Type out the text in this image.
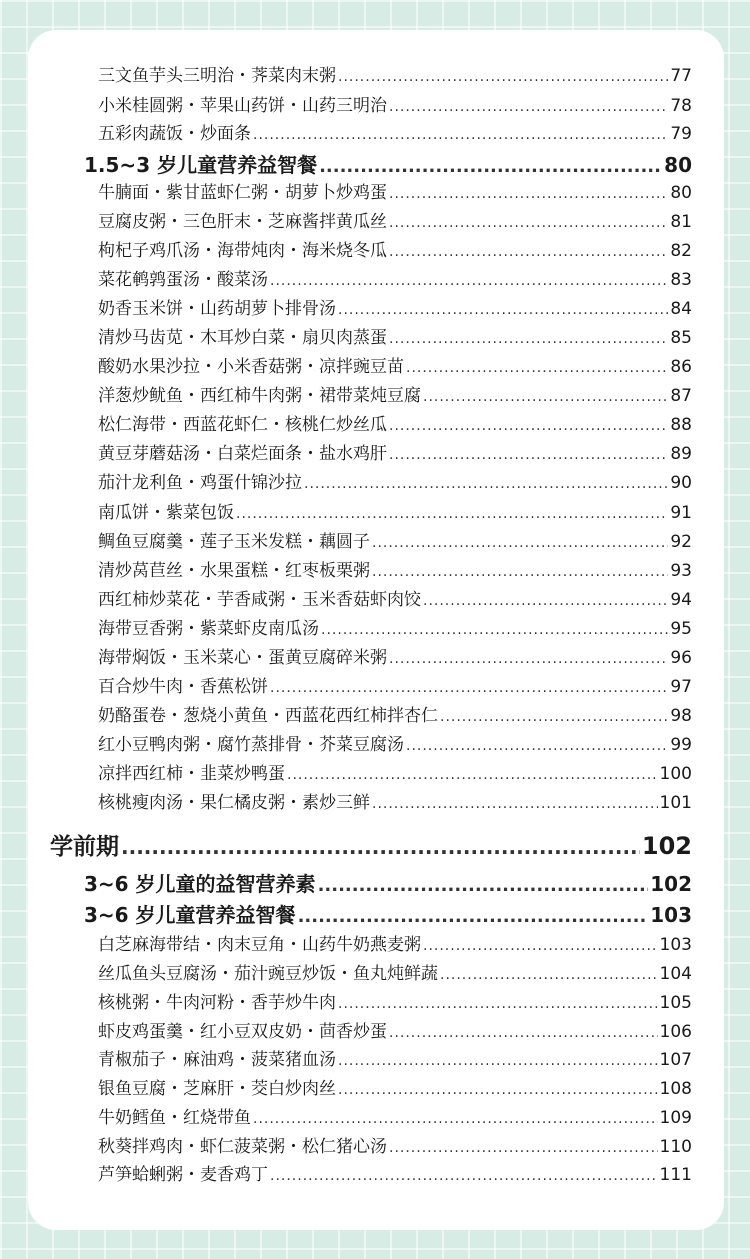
三文鱼芋头三明治・荠菜肉末粥 .....	77
小米桂圆粥・苹果山药饼・山药三明治 .....	78
五彩肉蔬饭・炒面条 .....	79
1.5~3 岁儿童营养益智餐 .....	80
牛腩面・紫甘蓝虾仁粥・胡萝卜炒鸡蛋 .....	80
豆腐皮粥・三色肝末・芝麻酱拌黄瓜丝 .....	81
枸杞子鸡爪汤・海带炖肉・海米烧冬瓜 .....	82
菜花鹌鹑蛋汤・酸菜汤 .....	83
奶香玉米饼・山药胡萝卜排骨汤 .....	84
清炒马齿苋・木耳炒白菜・扇贝肉蒸蛋 .....	85
酸奶水果沙拉・小米香菇粥・凉拌豌豆苗 .....	86
洋葱炒鱿鱼・西红柿牛肉粥・裙带菜炖豆腐 .....	87
松仁海带・西蓝花虾仁・核桃仁炒丝瓜 .....	88
黄豆芽蘑菇汤・白菜烂面条・盐水鸡肝 .....	89
茄汁龙利鱼・鸡蛋什锦沙拉 .....	90
南瓜饼・紫菜包饭 .....	91
鲷鱼豆腐羹・莲子玉米发糕・藕圆子 .....	92
清炒莴苣丝・水果蛋糕・红枣板栗粥 .....	93
西红柿炒菜花・芋香咸粥・玉米香菇虾肉饺 .....	94
海带豆香粥・紫菜虾皮南瓜汤 .....	95
海带焖饭・玉米菜心・蛋黄豆腐碎米粥 .....	96
百合炒牛肉・香蕉松饼 .....	97
奶酪蛋卷・葱烧小黄鱼・西蓝花西红柿拌杏仁 .....	98
红小豆鸭肉粥・腐竹蒸排骨・芥菜豆腐汤 .....	99
凉拌西红柿・韭菜炒鸭蛋 .....	100
核桃瘦肉汤・果仁橘皮粥・素炒三鲜 .....	101
学前期 .....	102
3~6 岁儿童的益智营养素 .....	102
3~6 岁儿童营养益智餐 .....	103
白芝麻海带结・肉末豆角・山药牛奶燕麦粥 .....	103
丝瓜鱼头豆腐汤・茄汁豌豆炒饭・鱼丸炖鲜蔬 .....	104
核桃粥・牛肉河粉・香芋炒牛肉 .....	105
虾皮鸡蛋羹・红小豆双皮奶・茴香炒蛋 .....	106
青椒茄子・麻油鸡・菠菜猪血汤 .....	107
银鱼豆腐・芝麻肝・茭白炒肉丝 .....	108
牛奶鳕鱼・红烧带鱼 .....	109
秋葵拌鸡肉・虾仁菠菜粥・松仁猪心汤 .....	110
芦笋蛤蜊粥・麦香鸡丁 .....	111
